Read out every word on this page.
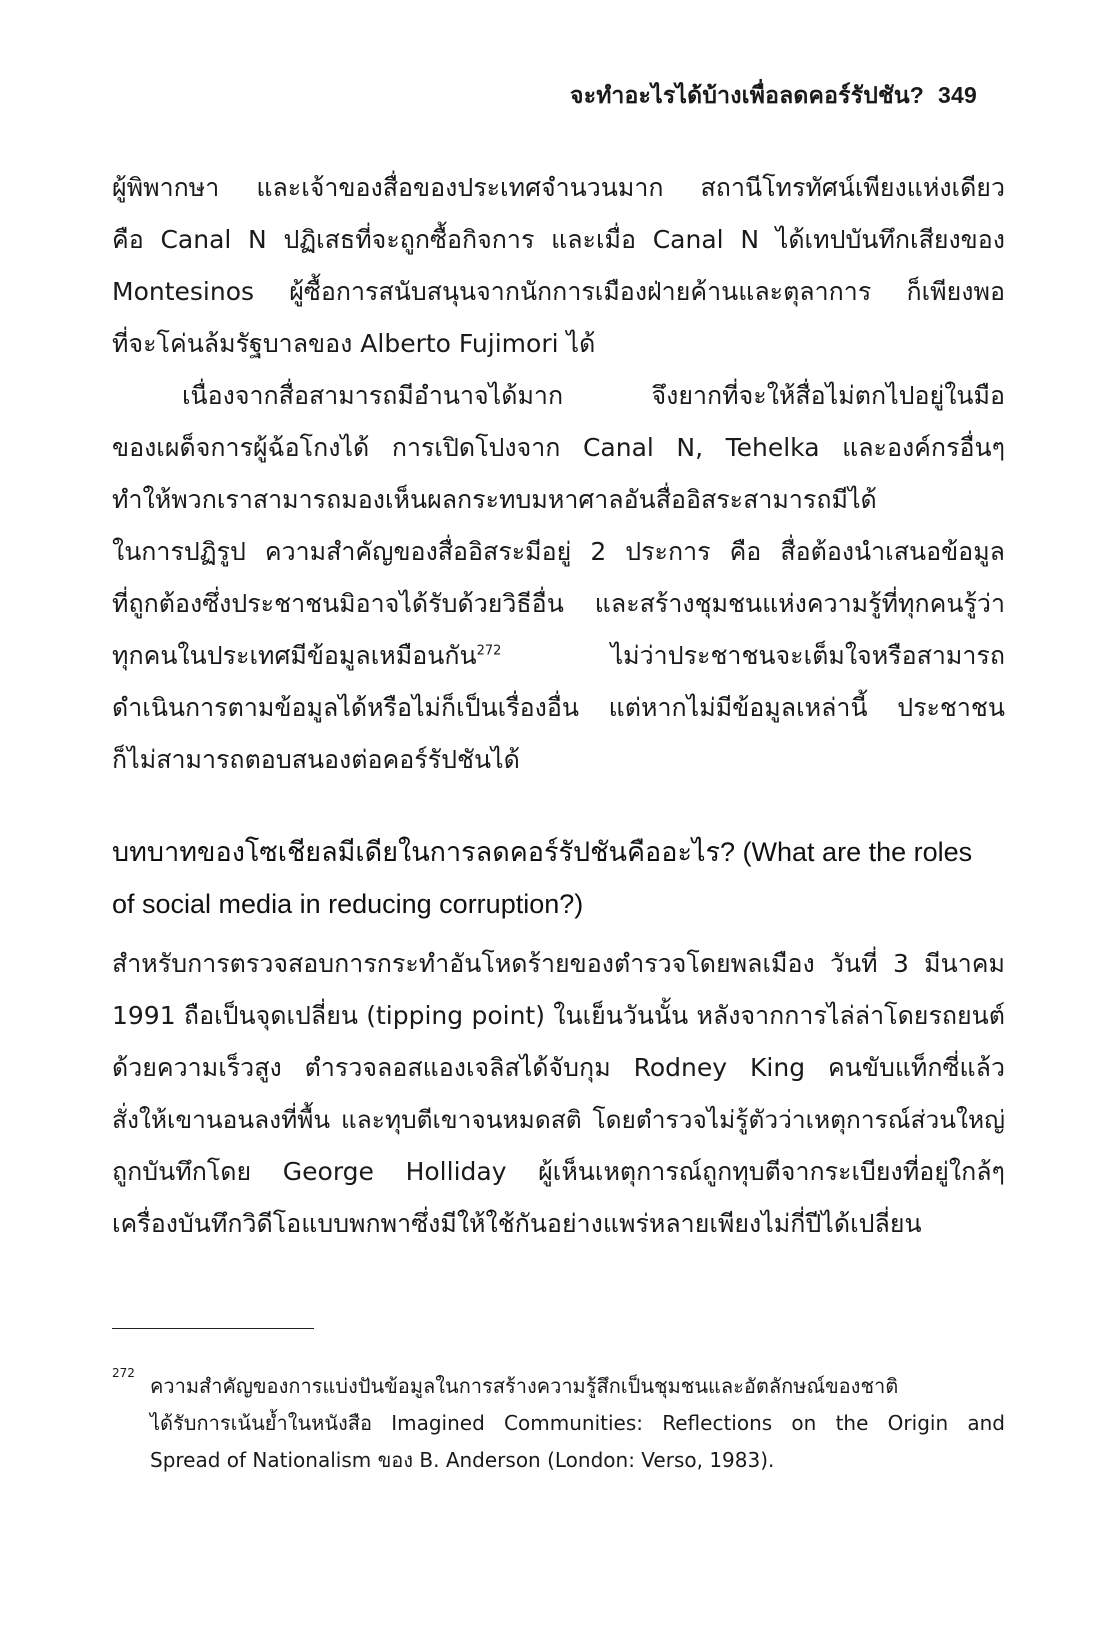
จะทำอะไรได้บ้างเพื่อลดคอร์รัปชัน? 349
ผู้พิพากษา และเจ้าของสื่อของประเทศจำนวนมาก สถานีโทรทัศน์เพียงแห่งเดียว
คือ Canal N ปฏิเสธที่จะถูกซื้อกิจการ และเมื่อ Canal N ได้เทปบันทึกเสียงของ
Montesinos ผู้ซื้อการสนับสนุนจากนักการเมืองฝ่ายค้านและตุลาการ ก็เพียงพอ
ที่จะโค่นล้มรัฐบาลของ Alberto Fujimori ได้
เนื่องจากสื่อสามารถมีอำนาจได้มาก จึงยากที่จะให้สื่อไม่ตกไปอยู่ในมือ
ของเผด็จการผู้ฉ้อโกงได้ การเปิดโปงจาก Canal N, Tehelka และองค์กรอื่นๆ
ทำให้พวกเราสามารถมองเห็นผลกระทบมหาศาลอันสื่ออิสระสามารถมีได้
ในการปฏิรูป ความสำคัญของสื่ออิสระมีอยู่ 2 ประการ คือ สื่อต้องนำเสนอข้อมูล
ที่ถูกต้องซึ่งประชาชนมิอาจได้รับด้วยวิธีอื่น และสร้างชุมชนแห่งความรู้ที่ทุกคนรู้ว่า
ทุกคนในประเทศมีข้อมูลเหมือนกัน$^{272}$ ไม่ว่าประชาชนจะเต็มใจหรือสามารถ
ดำเนินการตามข้อมูลได้หรือไม่ก็เป็นเรื่องอื่น แต่หากไม่มีข้อมูลเหล่านี้ ประชาชน
ก็ไม่สามารถตอบสนองต่อคอร์รัปชันได้
บทบาทของโซเชียลมีเดียในการลดคอร์รัปชันคืออะไร? (What are the roles
of social media in reducing corruption?)
สำหรับการตรวจสอบการกระทำอันโหดร้ายของตำรวจโดยพลเมือง วันที่ 3 มีนาคม
1991 ถือเป็นจุดเปลี่ยน (tipping point) ในเย็นวันนั้น หลังจากการไล่ล่าโดยรถยนต์
ด้วยความเร็วสูง ตำรวจลอสแองเจลิสได้จับกุม Rodney King คนขับแท็กซี่แล้ว
สั่งให้เขานอนลงที่พื้น และทุบตีเขาจนหมดสติ โดยตำรวจไม่รู้ตัวว่าเหตุการณ์ส่วนใหญ่
ถูกบันทึกโดย George Holliday ผู้เห็นเหตุการณ์ถูกทุบตีจากระเบียงที่อยู่ใกล้ๆ
เครื่องบันทึกวิดีโอแบบพกพาซึ่งมีให้ใช้กันอย่างแพร่หลายเพียงไม่กี่ปีได้เปลี่ยน
272
ความสำคัญของการแบ่งปันข้อมูลในการสร้างความรู้สึกเป็นชุมชนและอัตลักษณ์ของชาติ
ได้รับการเน้นย้ำในหนังสือ Imagined Communities: Reflections on the Origin and
Spread of Nationalism ของ B. Anderson (London: Verso, 1983).
